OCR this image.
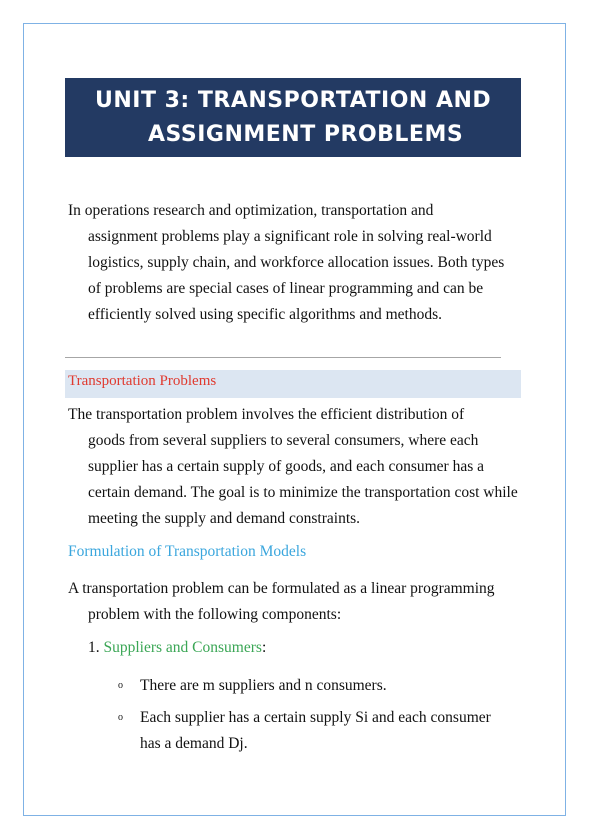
UNIT 3: TRANSPORTATION AND
ASSIGNMENT PROBLEMS
In operations research and optimization, transportation and
assignment problems play a significant role in solving real-world logistics, supply chain, and workforce allocation issues. Both types of problems are special cases of linear programming and can be efficiently solved using specific algorithms and methods.
Transportation Problems
The transportation problem involves the efficient distribution of
goods from several suppliers to several consumers, where each supplier has a certain supply of goods, and each consumer has a certain demand. The goal is to minimize the transportation cost while meeting the supply and demand constraints.
Formulation of Transportation Models
A transportation problem can be formulated as a linear programming
problem with the following components:
1. Suppliers and Consumers:
o There are m suppliers and n consumers.
o Each supplier has a certain supply Si and each consumer has a demand Dj.
